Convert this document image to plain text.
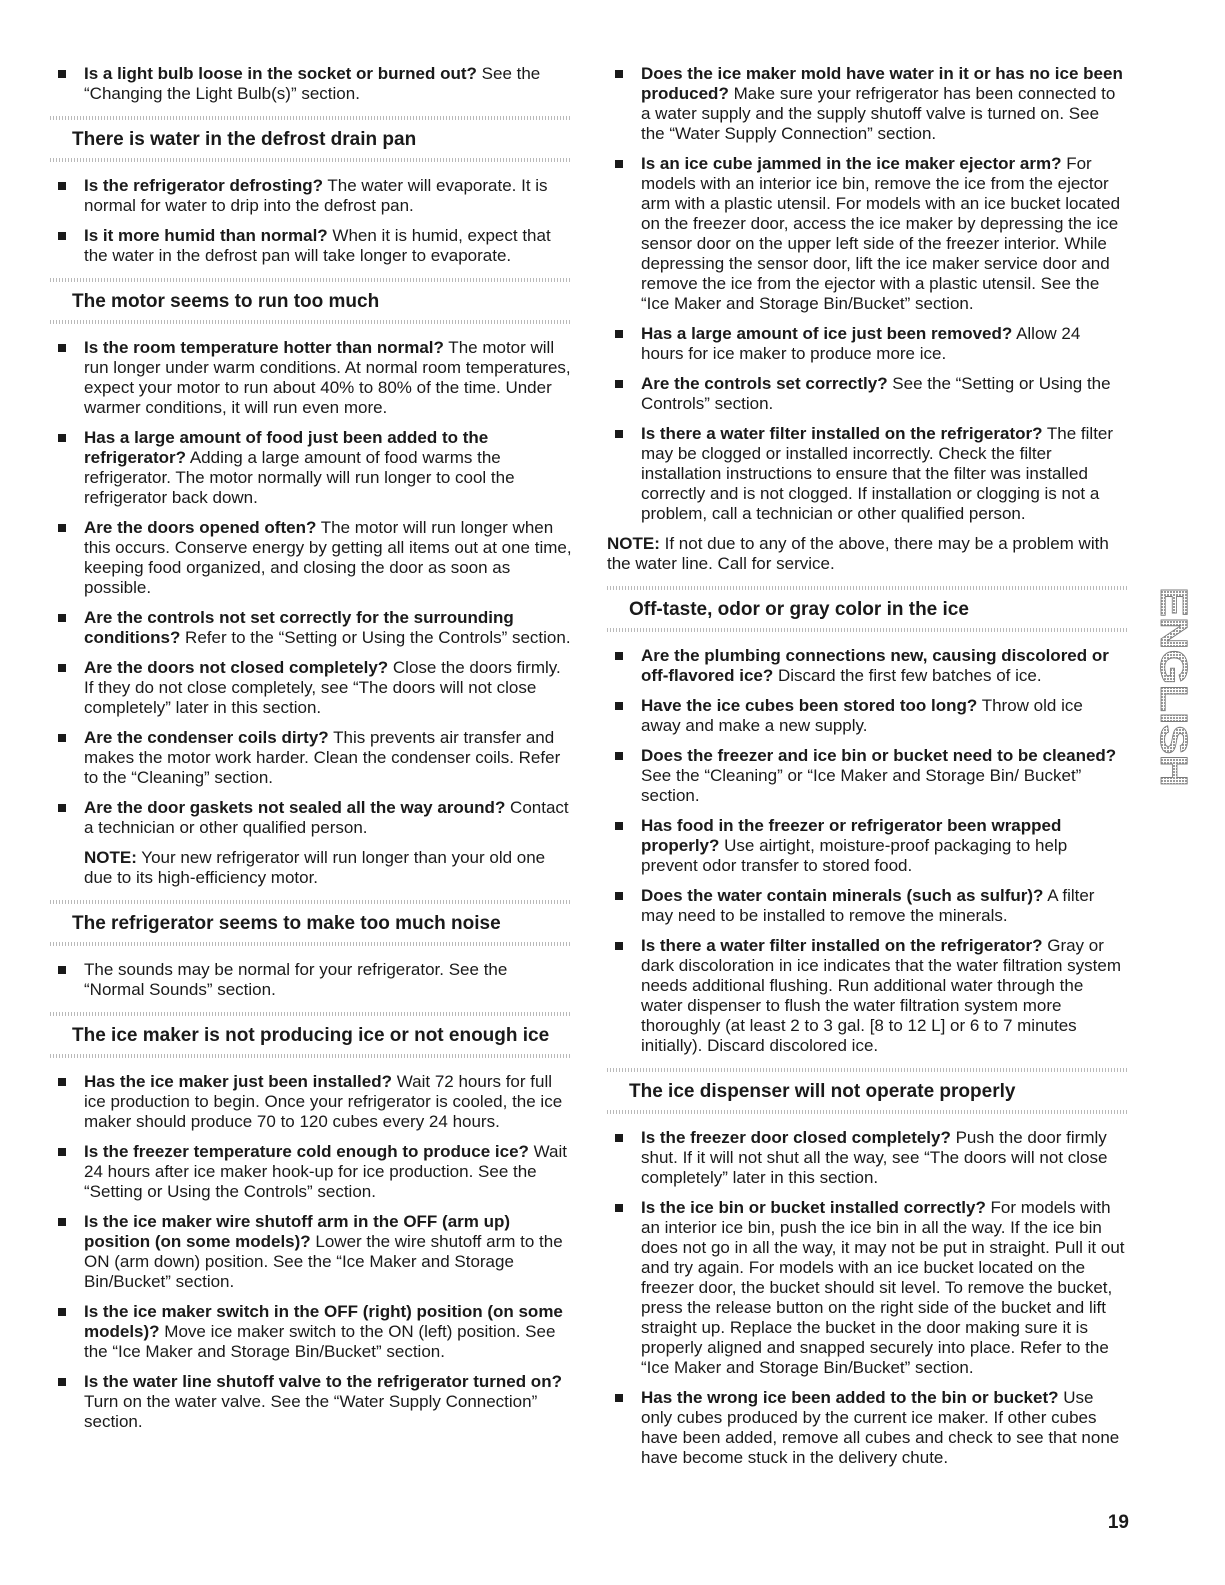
Is a light bulb loose in the socket or burned out? See the “Changing the Light Bulb(s)” section.
There is water in the defrost drain pan
Is the refrigerator defrosting? The water will evaporate. It is normal for water to drip into the defrost pan.
Is it more humid than normal? When it is humid, expect that the water in the defrost pan will take longer to evaporate.
The motor seems to run too much
Is the room temperature hotter than normal? The motor will run longer under warm conditions. At normal room temperatures, expect your motor to run about 40% to 80% of the time. Under warmer conditions, it will run even more.
Has a large amount of food just been added to the refrigerator? Adding a large amount of food warms the refrigerator. The motor normally will run longer to cool the refrigerator back down.
Are the doors opened often? The motor will run longer when this occurs. Conserve energy by getting all items out at one time, keeping food organized, and closing the door as soon as possible.
Are the controls not set correctly for the surrounding conditions? Refer to the “Setting or Using the Controls” section.
Are the doors not closed completely? Close the doors firmly. If they do not close completely, see “The doors will not close completely” later in this section.
Are the condenser coils dirty? This prevents air transfer and makes the motor work harder. Clean the condenser coils. Refer to the “Cleaning” section.
Are the door gaskets not sealed all the way around? Contact a technician or other qualified person.
NOTE: Your new refrigerator will run longer than your old one due to its high-efficiency motor.
The refrigerator seems to make too much noise
The sounds may be normal for your refrigerator. See the “Normal Sounds” section.
The ice maker is not producing ice or not enough ice
Has the ice maker just been installed? Wait 72 hours for full ice production to begin. Once your refrigerator is cooled, the ice maker should produce 70 to 120 cubes every 24 hours.
Is the freezer temperature cold enough to produce ice? Wait 24 hours after ice maker hook-up for ice production. See the “Setting or Using the Controls” section.
Is the ice maker wire shutoff arm in the OFF (arm up) position (on some models)? Lower the wire shutoff arm to the ON (arm down) position. See the “Ice Maker and Storage Bin/Bucket” section.
Is the ice maker switch in the OFF (right) position (on some models)? Move ice maker switch to the ON (left) position. See the “Ice Maker and Storage Bin/Bucket” section.
Is the water line shutoff valve to the refrigerator turned on? Turn on the water valve. See the “Water Supply Connection” section.
Does the ice maker mold have water in it or has no ice been produced? Make sure your refrigerator has been connected to a water supply and the supply shutoff valve is turned on. See the “Water Supply Connection” section.
Is an ice cube jammed in the ice maker ejector arm? For models with an interior ice bin, remove the ice from the ejector arm with a plastic utensil. For models with an ice bucket located on the freezer door, access the ice maker by depressing the ice sensor door on the upper left side of the freezer interior. While depressing the sensor door, lift the ice maker service door and remove the ice from the ejector with a plastic utensil. See the “Ice Maker and Storage Bin/Bucket” section.
Has a large amount of ice just been removed? Allow 24 hours for ice maker to produce more ice.
Are the controls set correctly? See the “Setting or Using the Controls” section.
Is there a water filter installed on the refrigerator? The filter may be clogged or installed incorrectly. Check the filter installation instructions to ensure that the filter was installed correctly and is not clogged. If installation or clogging is not a problem, call a technician or other qualified person.
NOTE: If not due to any of the above, there may be a problem with the water line. Call for service.
Off-taste, odor or gray color in the ice
Are the plumbing connections new, causing discolored or off-flavored ice? Discard the first few batches of ice.
Have the ice cubes been stored too long? Throw old ice away and make a new supply.
Does the freezer and ice bin or bucket need to be cleaned? See the “Cleaning” or “Ice Maker and Storage Bin/ Bucket” section.
Has food in the freezer or refrigerator been wrapped properly? Use airtight, moisture-proof packaging to help prevent odor transfer to stored food.
Does the water contain minerals (such as sulfur)? A filter may need to be installed to remove the minerals.
Is there a water filter installed on the refrigerator? Gray or dark discoloration in ice indicates that the water filtration system needs additional flushing. Run additional water through the water dispenser to flush the water filtration system more thoroughly (at least 2 to 3 gal. [8 to 12 L] or 6 to 7 minutes initially). Discard discolored ice.
The ice dispenser will not operate properly
Is the freezer door closed completely? Push the door firmly shut. If it will not shut all the way, see “The doors will not close completely” later in this section.
Is the ice bin or bucket installed correctly? For models with an interior ice bin, push the ice bin in all the way. If the ice bin does not go in all the way, it may not be put in straight. Pull it out and try again. For models with an ice bucket located on the freezer door, the bucket should sit level. To remove the bucket, press the release button on the right side of the bucket and lift straight up. Replace the bucket in the door making sure it is properly aligned and snapped securely into place. Refer to the “Ice Maker and Storage Bin/Bucket” section.
Has the wrong ice been added to the bin or bucket? Use only cubes produced by the current ice maker. If other cubes have been added, remove all cubes and check to see that none have become stuck in the delivery chute.
ENGLISH
19
